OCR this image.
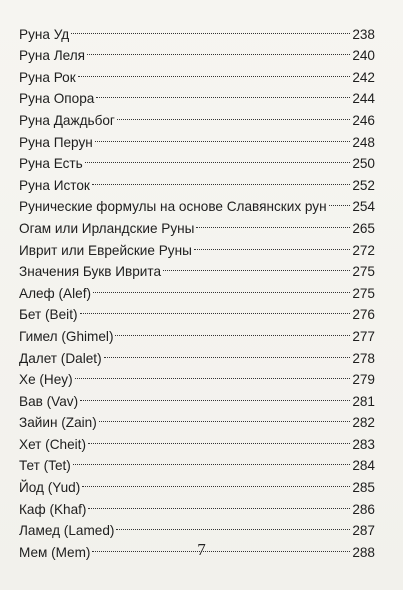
Руна Уд	238
Руна Леля	240
Руна Рок	242
Руна Опора	244
Руна Даждьбог	246
Руна Перун	248
Руна Есть	250
Руна Исток	252
Рунические формулы на основе Славянских рун 254
Огам или Ирландские Руны	265
Иврит или Еврейские Руны	272
Значения Букв Иврита	275
Алеф (Alef)	275
Бет (Beit)	276
Гимел (Ghimel)	277
Далет (Dalet)	278
Хе (Hey)	279
Вав (Vav)	281
Зайин (Zain)	282
Хет (Cheit)	283
Тет (Tet)	284
Йод (Yud)	285
Каф (Khaf)	286
Ламед (Lamed)	287
Мем (Mem)	288
7
